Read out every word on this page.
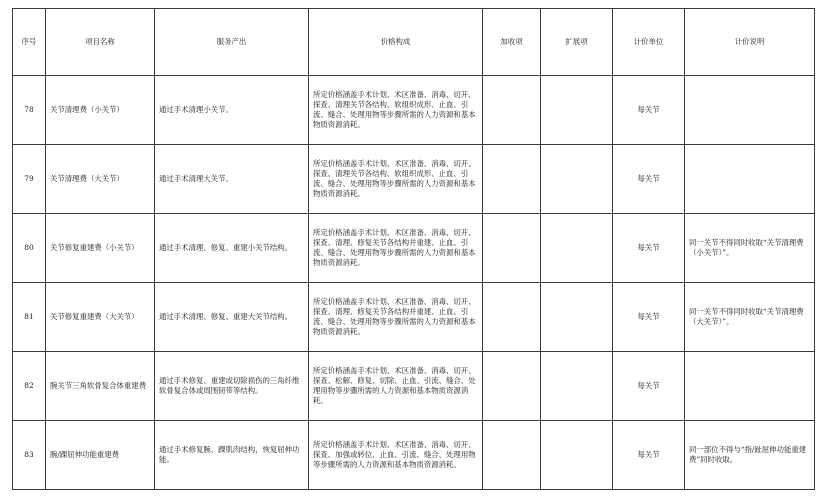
序号	项目名称	服务产出	价格构成	加收项	扩展项	计价单位	计价说明
78	关节清理费（小关节）	通过手术清理小关节。	所定价格涵盖手术计划、术区准备、消毒、切开、探查、清理关节各结构、软组织成形、止血、引流、缝合、处理用物等步骤所需的人力资源和基本物质资源消耗。			每关节	
79	关节清理费（大关节）	通过手术清理大关节。	所定价格涵盖手术计划、术区准备、消毒、切开、探查、清理关节各结构、软组织成形、止血、引流、缝合、处理用物等步骤所需的人力资源和基本物质资源消耗。			每关节	
80	关节修复重建费（小关节）	通过手术清理、修复、重建小关节结构。	所定价格涵盖手术计划、术区准备、消毒、切开、探查、清理、修复关节各结构并重建、止血、引流、缝合、处理用物等步骤所需的人力资源和基本物质资源消耗。			每关节	同一关节不得同时收取“关节清理费（小关节）”。
81	关节修复重建费（大关节）	通过手术清理、修复、重建大关节结构。	所定价格涵盖手术计划、术区准备、消毒、切开、探查、清理、修复关节各结构并重建、止血、引流、缝合、处理用物等步骤所需的人力资源和基本物质资源消耗。			每关节	同一关节不得同时收取“关节清理费（大关节）”。
82	腕关节三角软骨复合体重建费	通过手术修复、重建或切除损伤的三角纤维软骨复合体或周围韧带等结构。	所定价格涵盖手术计划、术区准备、消毒、切开、探查、松解、修复、切除、止血、引流、缝合、处理用物等步骤所需的人力资源和基本物质资源消耗。			每关节	
83	腕/踝屈伸功能重建费	通过手术修复腕、踝肌肉结构，恢复屈伸功能。	所定价格涵盖手术计划、术区准备、消毒、切开、探查、加强或转位、止血、引流、缝合、处理用物等步骤所需的人力资源和基本物质资源消耗。			每关节	同一部位不得与“指/趾屈伸功能重建费”同时收取。
